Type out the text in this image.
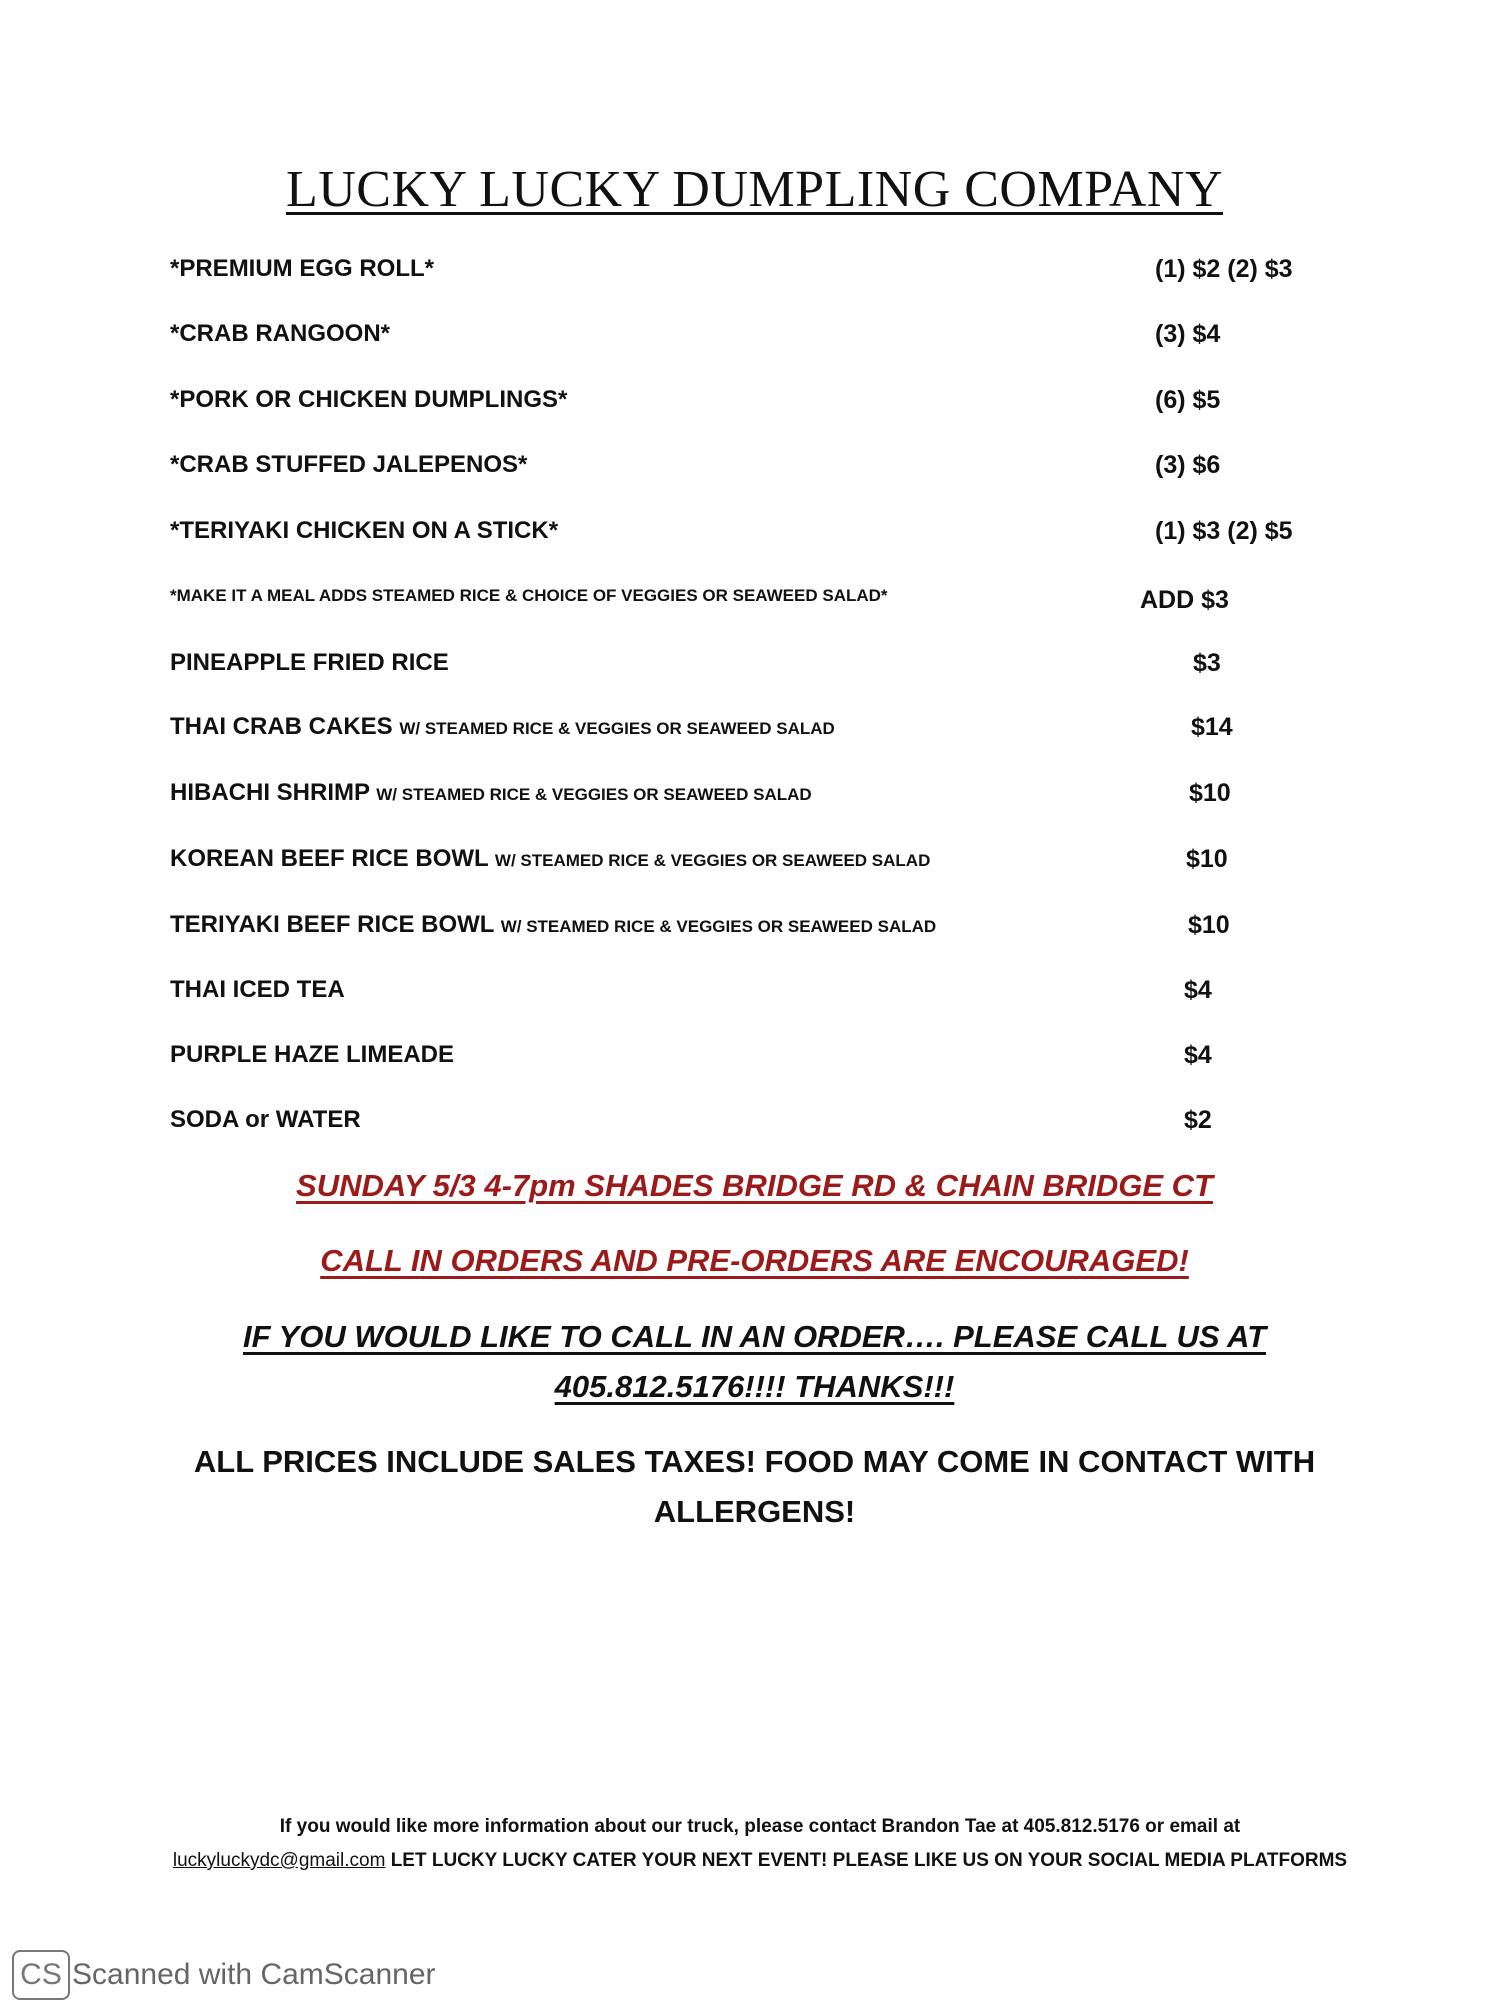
LUCKY LUCKY DUMPLING COMPANY
*PREMIUM EGG ROLL*	(1) $2 (2) $3
*CRAB RANGOON*	(3) $4
*PORK OR CHICKEN DUMPLINGS*	(6) $5
*CRAB STUFFED JALEPENOS*	(3) $6
*TERIYAKI CHICKEN ON A STICK*	(1) $3 (2) $5
*MAKE IT A MEAL ADDS STEAMED RICE & CHOICE OF VEGGIES OR SEAWEED SALAD*	ADD $3
PINEAPPLE FRIED RICE	$3
THAI CRAB CAKES W/ STEAMED RICE & VEGGIES OR SEAWEED SALAD	$14
HIBACHI SHRIMP W/ STEAMED RICE & VEGGIES OR SEAWEED SALAD	$10
KOREAN BEEF RICE BOWL W/ STEAMED RICE & VEGGIES OR SEAWEED SALAD	$10
TERIYAKI BEEF RICE BOWL W/ STEAMED RICE & VEGGIES OR SEAWEED SALAD	$10
THAI ICED TEA	$4
PURPLE HAZE LIMEADE	$4
SODA or WATER	$2
SUNDAY 5/3 4-7pm SHADES BRIDGE RD & CHAIN BRIDGE CT
CALL IN ORDERS AND PRE-ORDERS ARE ENCOURAGED!
IF YOU WOULD LIKE TO CALL IN AN ORDER…. PLEASE CALL US AT
405.812.5176!!!! THANKS!!!
ALL PRICES INCLUDE SALES TAXES! FOOD MAY COME IN CONTACT WITH
ALLERGENS!
If you would like more information about our truck, please contact Brandon Tae at 405.812.5176 or email at
luckyluckydc@gmail.com LET LUCKY LUCKY CATER YOUR NEXT EVENT! PLEASE LIKE US ON YOUR SOCIAL MEDIA PLATFORMS
CS Scanned with CamScanner
